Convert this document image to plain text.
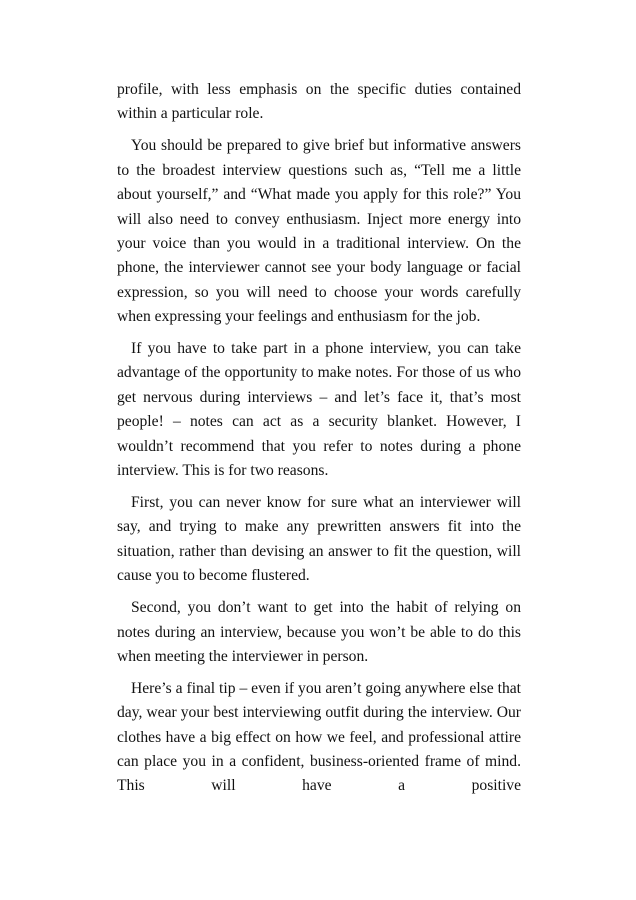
profile, with less emphasis on the specific duties contained within a particular role.

You should be prepared to give brief but informative answers to the broadest interview questions such as, “Tell me a little about yourself,” and “What made you apply for this role?” You will also need to convey enthusiasm. Inject more energy into your voice than you would in a traditional interview. On the phone, the interviewer cannot see your body language or facial expression, so you will need to choose your words carefully when expressing your feelings and enthusiasm for the job.

If you have to take part in a phone interview, you can take advantage of the opportunity to make notes. For those of us who get nervous during interviews – and let’s face it, that’s most people! – notes can act as a security blanket. However, I wouldn’t recommend that you refer to notes during a phone interview. This is for two reasons.

First, you can never know for sure what an interviewer will say, and trying to make any prewritten answers fit into the situation, rather than devising an answer to fit the question, will cause you to become flustered.

Second, you don’t want to get into the habit of relying on notes during an interview, because you won’t be able to do this when meeting the interviewer in person.

Here’s a final tip – even if you aren’t going anywhere else that day, wear your best interviewing outfit during the interview. Our clothes have a big effect on how we feel, and professional attire can place you in a confident, business-oriented frame of mind. This will have a positive
